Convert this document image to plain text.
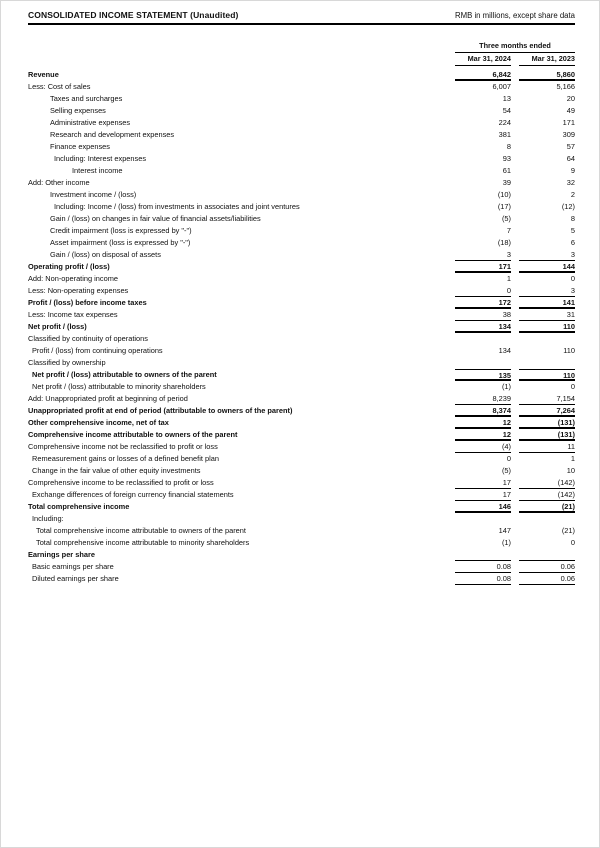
CONSOLIDATED INCOME STATEMENT (Unaudited)	RMB in millions, except share data
Three months ended
Mar 31, 2024	Mar 31, 2023
Revenue	6,842	5,860
Less: Cost of sales	6,007	5,166
Taxes and surcharges	13	20
Selling expenses	54	49
Administrative expenses	224	171
Research and development expenses	381	309
Finance expenses	8	57
Including: Interest expenses	93	64
Interest income	61	9
Add: Other income	39	32
Investment income / (loss)	(10)	2
Including: Income / (loss) from investments in associates and joint ventures	(17)	(12)
Gain / (loss) on changes in fair value of financial assets/liabilities	(5)	8
Credit impairment (loss is expressed by "-")	7	5
Asset impairment (loss is expressed by "-")	(18)	6
Gain / (loss) on disposal of assets	3	3
Operating profit / (loss)	171	144
Add: Non-operating income	1	0
Less: Non-operating expenses	0	3
Profit / (loss) before income taxes	172	141
Less: Income tax expenses	38	31
Net profit / (loss)	134	110
Classified by continuity of operations
Profit / (loss) from continuing operations	134	110
Classified by ownership
Net profit / (loss) attributable to owners of the parent	135	110
Net profit / (loss) attributable to minority shareholders	(1)	0
Add: Unappropriated profit at beginning of period	8,239	7,154
Unappropriated profit at end of period (attributable to owners of the parent)	8,374	7,264
Other comprehensive income, net of tax	12	(131)
Comprehensive income attributable to owners of the parent	12	(131)
Comprehensive income not be reclassified to profit or loss	(4)	11
Remeasurement gains or losses of a defined benefit plan	0	1
Change in the fair value of other equity investments	(5)	10
Comprehensive income to be reclassified to profit or loss	17	(142)
Exchange differences of foreign currency financial statements	17	(142)
Total comprehensive income	146	(21)
Including:
Total comprehensive income attributable to owners of the parent	147	(21)
Total comprehensive income attributable to minority shareholders	(1)	0
Earnings per share
Basic earnings per share	0.08	0.06
Diluted earnings per share	0.08	0.06
